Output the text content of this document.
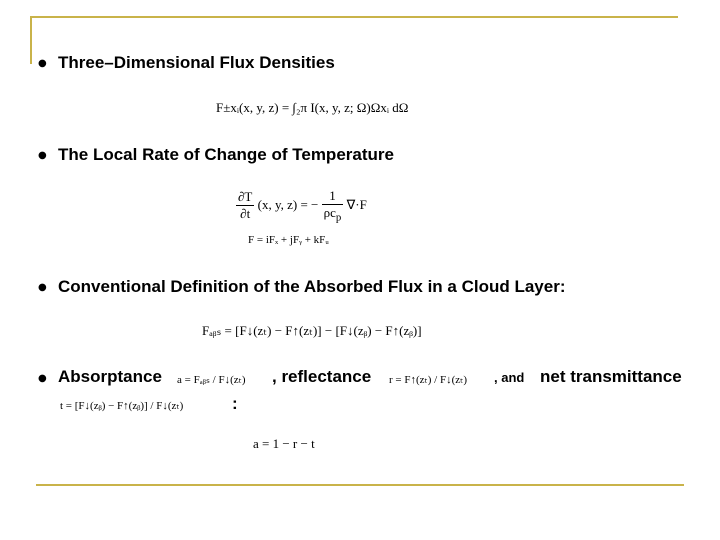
● Three–Dimensional Flux Densities
F±xᵢ(x, y, z) = ∫₂π I(x, y, z; Ω)Ωxᵢ dΩ
● The Local Rate of Change of Temperature
$\frac{\partial T}{\partial t} (x$, y, z) = − $\frac{1}{\rho c_p} \nabla\cdot F$
F = iFₓ + jFᵧ + kFᵤ
● Conventional Definition of the Absorbed Flux in a Cloud Layer:
Fₐᵦₛ = [F↓(zₜ) − F↑(zₜ)] − [F↓(zᵦ) − F↑(zᵦ)]
● Absorptance a = Fₐᵦₛ / F↓(zₜ) , reflectance r = F↑(zₜ) / F↓(zₜ) , and net transmittance
t = [F↓(zᵦ) − F↑(zᵦ)] / F↓(zₜ)	:
a = 1 − r − t
